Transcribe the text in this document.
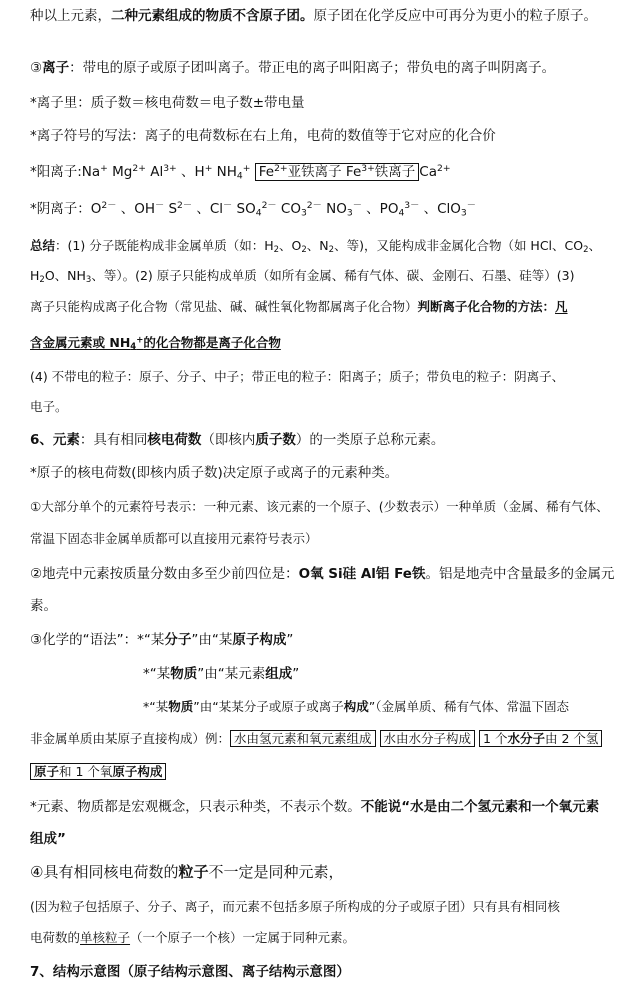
种以上元素，二种元素组成的物质不含原子团。原子团在化学反应中可再分为更小的粒子原子。
③离子：带电的原子或原子团叫离子。带正电的离子叫阳离子；带负电的离子叫阴离子。
*离子里：质子数＝核电荷数＝电子数±带电量
*离子符号的写法：离子的电荷数标在右上角，电荷的数值等于它对应的化合价
*阳离子:Na+ $Mg^{2+}$ $Al^{3+}$ 、H+ $NH_4^+$ $Fe^{2+}$亚铁离子 $Fe^{3+}$铁离子 $Ca^{2+}$
*阴离子：$O^{2-}$ 、OH－ $S^{2-}$ 、Cl－ $SO_4^{2-}$ $CO_3^{2-}$ $NO_3^-$ 、$PO_4^{3-}$ 、ClO$_3$－
总结：(1) 分子既能构成非金属单质（如：$H_2$、$O_2$、$N_2$、等)，又能构成非金属化合物（如 HCl、$CO_2$、
$H_2O$、$NH_3$、等）。(2) 原子只能构成单质（如所有金属、稀有气体、碳、金刚石、石墨、硅等）(3)
离子只能构成离子化合物（常见盐、碱、碱性氧化物都属离子化合物）判断离子化合物的方法：凡
含金属元素或 $NH_4^+$的化合物都是离子化合物
(4) 不带电的粒子：原子、分子、中子；带正电的粒子：阳离子；质子；带负电的粒子：阴离子、
电子。
6、元素：具有相同核电荷数（即核内质子数）的一类原子总称元素。
*原子的核电荷数(即核内质子数)决定原子或离子的元素种类。
①大部分单个的元素符号表示：一种元素、该元素的一个原子、(少数表示）一种单质（金属、稀有气体、
常温下固态非金属单质都可以直接用元素符号表示）
②地壳中元素按质量分数由多至少前四位是：O氧 Si硅 Al铝 Fe铁。铝是地壳中含量最多的金属元
素。
③化学的“语法”：*“某分子”由“某原子构成”
*“某物质”由“某元素组成”
*“某物质”由“某某分子或原子或离子构成”（金属单质、稀有气体、常温下固态
非金属单质由某原子直接构成）例： 水由氢元素和氧元素组成 水由水分子构成 1 个水分子由 2 个氢
原子和 1 个氧原子构成
*元素、物质都是宏观概念，只表示种类，不表示个数。不能说“水是由二个氢元素和一个氧元素
组成”
④具有相同核电荷数的粒子不一定是同种元素，
(因为粒子包括原子、分子、离子，而元素不包括多原子所构成的分子或原子团）只有具有相同核
电荷数的单核粒子（一个原子一个核）一定属于同种元素。
7、结构示意图（原子结构示意图、离子结构示意图）
